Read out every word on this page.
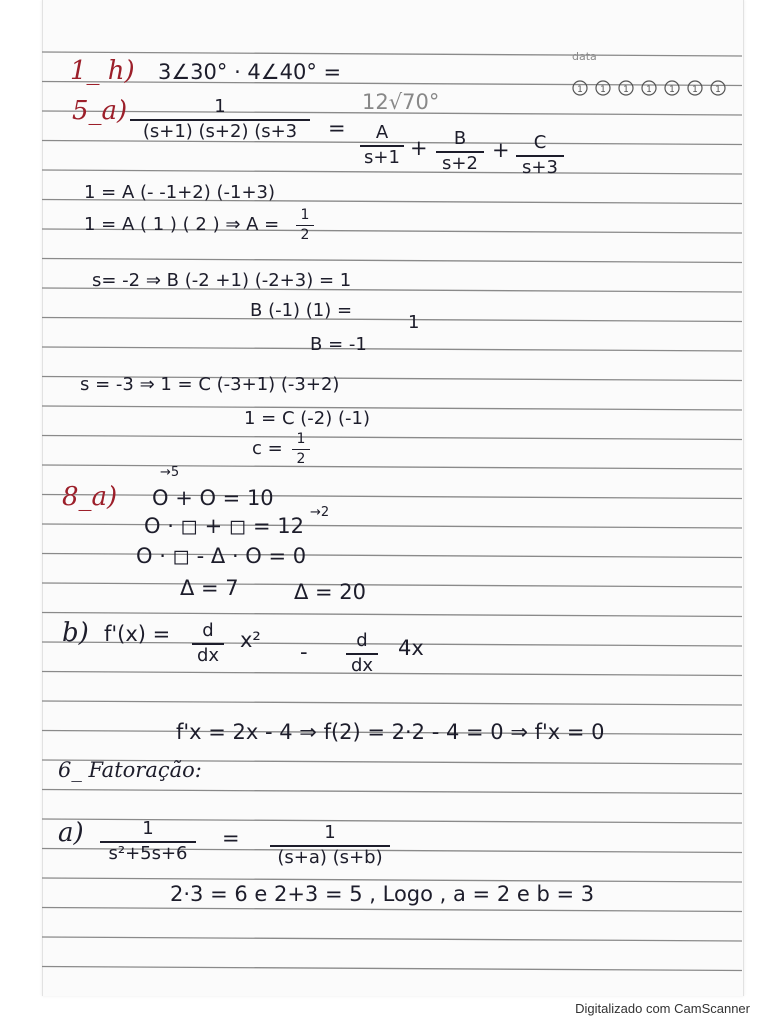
data
1 1 1 1 1 1 1
1_ h) 3∠30° · 4∠40° =
12√70°
5_a)	1
(s+1) (s+2) (s+3	=	A
s+1 +	B
s+2
+	C
s+3
1 = A (- -1+2) (-1+3)
1 = A ( 1 ) ( 2 ) ⇒ A =	1
2
s= -2 ⇒ B (-2 +1) (-2+3) = 1
B (-1) (1) =
1
B = -1
s = -3 ⇒ 1 = C (-3+1) (-3+2)
1 = C (-2) (-1)
c = 1
2
8_a)
→5
O + O = 10
→2
O · ◻ + ◻ = 12
O · ◻ - Δ · O = 0
Δ = 7	Δ = 20
b) f'(x) =	d
dx
x² -	d
dx
4x
f'x = 2x - 4 ⇒ f(2) = 2·2 - 4 = 0 ⇒ f'x = 0
6_ Fatoração:
a)	1
s²+5s+6
=	1
(s+a) (s+b)
2·3 = 6 e 2+3 = 5 , Logo , a = 2 e b = 3
Digitalizado com CamScanner
